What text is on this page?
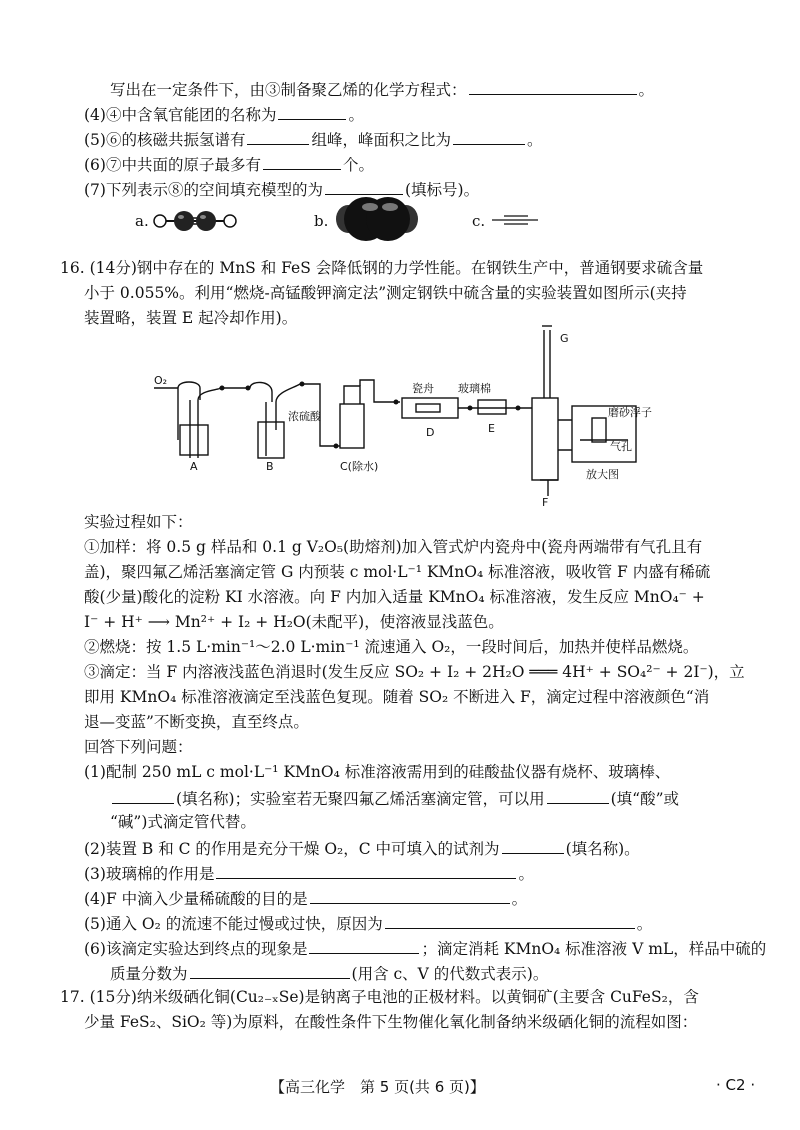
写出在一定条件下，由③制备聚乙烯的化学方程式：	。
(4)④中含氧官能团的名称为	。
(5)⑥的核磁共振氢谱有	组峰，峰面积之比为	。
(6)⑦中共面的原子最多有	个。
(7)下列表示⑧的空间填充模型的为	(填标号)。
a.	b.	c.
16. (14分)钢中存在的 MnS 和 FeS 会降低钢的力学性能。在钢铁生产中，普通钢要求硫含量
小于 0.055%。利用“燃烧-高锰酸钾滴定法”测定钢铁中硫含量的实验装置如图所示(夹持
装置略，装置 E 起冷却作用)。
O₂
A	B
浓硫酸
C(除水)
瓷舟 玻璃棉
D	E
F
G
磨砂浮子
气孔
放大图
实验过程如下：
①加样：将 0.5 g 样品和 0.1 g V₂O₅(助熔剂)加入管式炉内瓷舟中(瓷舟两端带有气孔且有
盖)，聚四氟乙烯活塞滴定管 G 内预装 c mol·L⁻¹ KMnO₄ 标准溶液，吸收管 F 内盛有稀硫
酸(少量)酸化的淀粉 KI 水溶液。向 F 内加入适量 KMnO₄ 标准溶液，发生反应 MnO₄⁻ +
I⁻ + H⁺ ⟶ Mn²⁺ + I₂ + H₂O(未配平)，使溶液显浅蓝色。
②燃烧：按 1.5 L·min⁻¹～2.0 L·min⁻¹ 流速通入 O₂，一段时间后，加热并使样品燃烧。
③滴定：当 F 内溶液浅蓝色消退时(发生反应 SO₂ + I₂ + 2H₂O ═══ 4H⁺ + SO₄²⁻ + 2I⁻)，立
即用 KMnO₄ 标准溶液滴定至浅蓝色复现。随着 SO₂ 不断进入 F，滴定过程中溶液颜色“消
退—变蓝”不断变换，直至终点。
回答下列问题：
(1)配制 250 mL c mol·L⁻¹ KMnO₄ 标准溶液需用到的硅酸盐仪器有烧杯、玻璃棒、
(填名称)；实验室若无聚四氟乙烯活塞滴定管，可以用	(填“酸”或
“碱”)式滴定管代替。
(2)装置 B 和 C 的作用是充分干燥 O₂，C 中可填入的试剂为	(填名称)。
(3)玻璃棉的作用是	。
(4)F 中滴入少量稀硫酸的目的是	。
(5)通入 O₂ 的流速不能过慢或过快，原因为	。
(6)该滴定实验达到终点的现象是	；滴定消耗 KMnO₄ 标准溶液 V mL，样品中硫的
质量分数为	(用含 c、V 的代数式表示)。
17. (15分)纳米级硒化铜(Cu₂₋ₓSe)是钠离子电池的正极材料。以黄铜矿(主要含 CuFeS₂，含
少量 FeS₂、SiO₂ 等)为原料，在酸性条件下生物催化氧化制备纳米级硒化铜的流程如图：
【高三化学　第 5 页(共 6 页)】	· C2 ·
